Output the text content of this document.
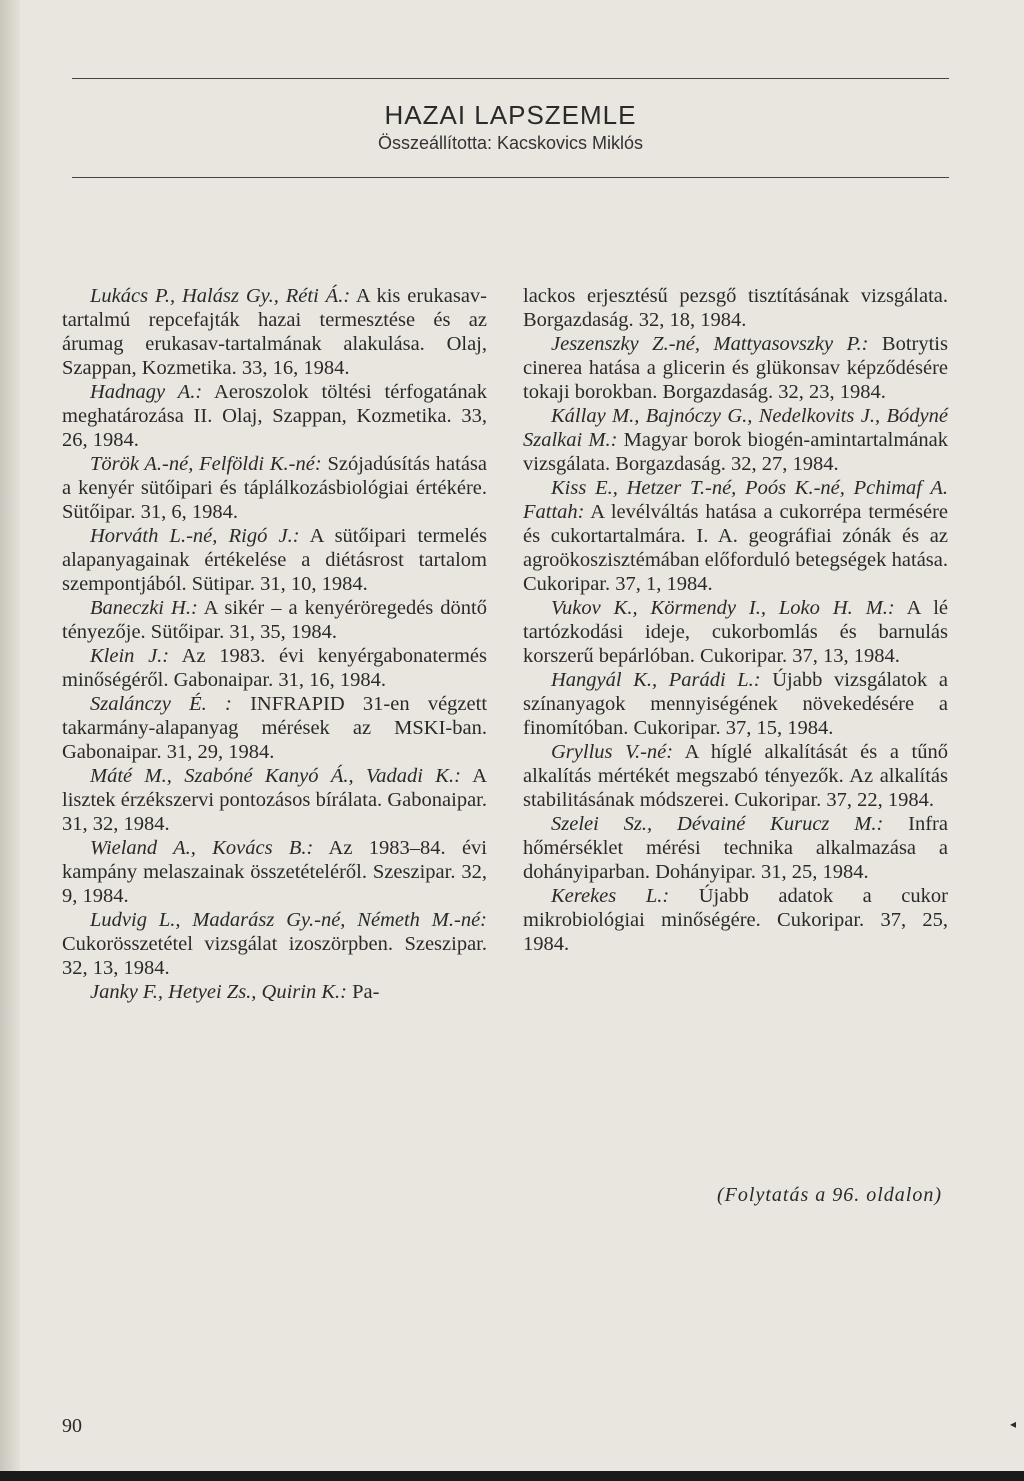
HAZAI LAPSZEMLE
Összeállította: Kacskovics Miklós

Lukács P., Halász Gy., Réti Á.: A kis erukasav-tartalmú repcefajták hazai termesztése és az árumag erukasav-tartalmának alakulása. Olaj, Szappan, Kozmetika. 33, 16, 1984.

Hadnagy A.: Aeroszolok töltési térfogatának meghatározása II. Olaj, Szappan, Kozmetika. 33, 26, 1984.

Török A.-né, Felföldi K.-né: Szójadúsítás hatása a kenyér sütőipari és táplálkozásbiológiai értékére. Sütőipar. 31, 6, 1984.

Horváth L.-né, Rigó J.: A sütőipari termelés alapanyagainak értékelése a diétásrost tartalom szempontjából. Sütipar. 31, 10, 1984.

Baneczki H.: A sikér – a kenyéröregedés döntő tényezője. Sütőipar. 31, 35, 1984.

Klein J.: Az 1983. évi kenyérgabonatermés minőségéről. Gabonaipar. 31, 16, 1984.

Szalánczy É. : INFRAPID 31-en végzett takarmány-alapanyag mérések az MSKI-ban. Gabonaipar. 31, 29, 1984.

Máté M., Szabóné Kanyó Á., Vadadi K.: A lisztek érzékszervi pontozásos bírálata. Gabonaipar. 31, 32, 1984.

Wieland A., Kovács B.: Az 1983–84. évi kampány melaszainak összetételéről. Szeszipar. 32, 9, 1984.

Ludvig L., Madarász Gy.-né, Németh M.-né: Cukorösszetétel vizsgálat izoszörpben. Szeszipar. 32, 13, 1984.

Janky F., Hetyei Zs., Quirin K.: Pa-

lackos erjesztésű pezsgő tisztításának vizsgálata. Borgazdaság. 32, 18, 1984.

Jeszenszky Z.-né, Mattyasovszky P.: Botrytis cinerea hatása a glicerin és glükonsav képződésére tokaji borokban. Borgazdaság. 32, 23, 1984.

Kállay M., Bajnóczy G., Nedelkovits J., Bódyné Szalkai M.: Magyar borok biogén-amintartalmának vizsgálata. Borgazdaság. 32, 27, 1984.

Kiss E., Hetzer T.-né, Poós K.-né, Pchimaf A. Fattah: A levélváltás hatása a cukorrépa termésére és cukortartalmára. I. A. geográfiai zónák és az agroökoszisztémában előforduló betegségek hatása. Cukoripar. 37, 1, 1984.

Vukov K., Körmendy I., Loko H. M.: A lé tartózkodási ideje, cukorbomlás és barnulás korszerű bepárlóban. Cukoripar. 37, 13, 1984.

Hangyál K., Parádi L.: Újabb vizsgálatok a színanyagok mennyiségének növekedésére a finomítóban. Cukoripar. 37, 15, 1984.

Gryllus V.-né: A híglé alkalítását és a tűnő alkalítás mértékét megszabó tényezők. Az alkalítás stabilitásának módszerei. Cukoripar. 37, 22, 1984.

Szelei Sz., Dévainé Kurucz M.: Infra hőmérséklet mérési technika alkalmazása a dohányiparban. Dohányipar. 31, 25, 1984.

Kerekes L.: Újabb adatok a cukor mikrobiológiai minőségére. Cukoripar. 37, 25, 1984.

(Folytatás a 96. oldalon)
90	◂
